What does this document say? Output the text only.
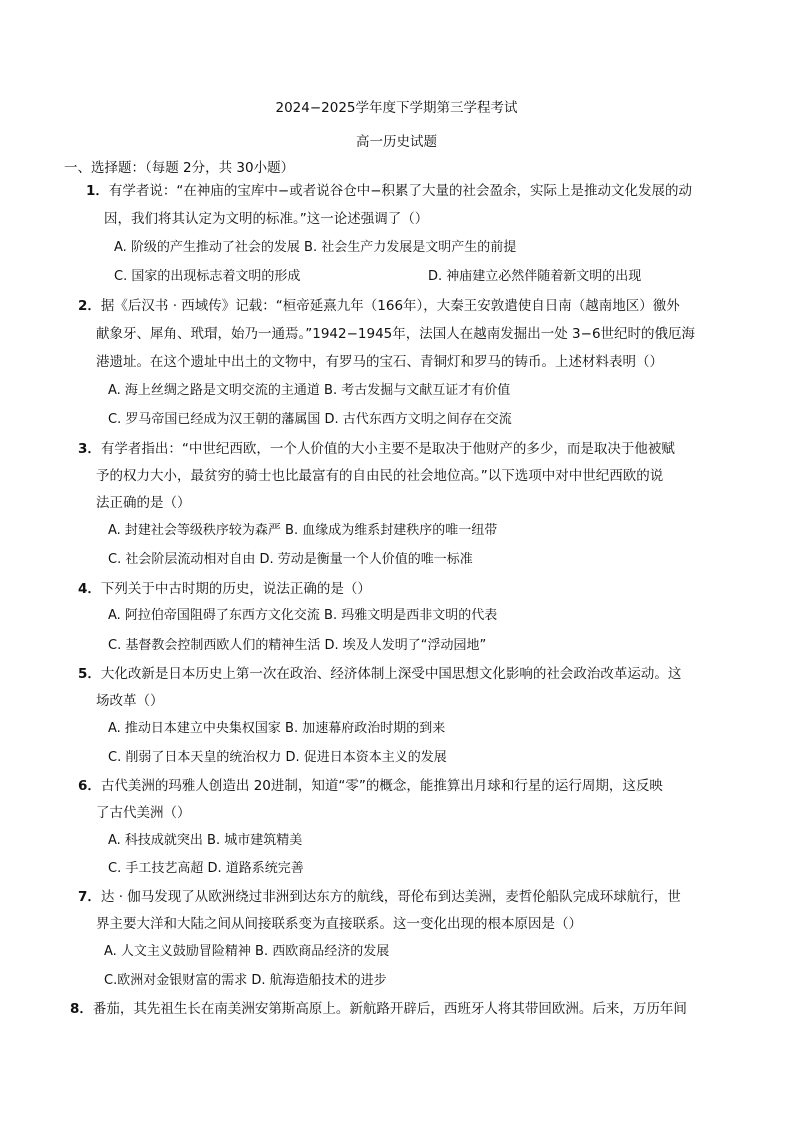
2024−2025学年度下学期第三学程考试
高一历史试题
一、选择题：（每题 2分，共 30小题）
1．有学者说：“在神庙的宝库中−或者说谷仓中−积累了大量的社会盈余，实际上是推动文化发展的动
因，我们将其认定为文明的标准。”这一论述强调了（）
A. 阶级的产生推动了社会的发展 B. 社会生产力发展是文明产生的前提
C. 国家的出现标志着文明的形成	D. 神庙建立必然伴随着新文明的出现
2．据《后汉书 · 西域传》记载：“桓帝延熹九年（166年），大秦王安敦遣使自日南（越南地区）徼外
献象牙、犀角、玳瑁，始乃一通焉。”1942−1945年，法国人在越南发掘出一处 3−6世纪时的俄厄海
港遗址。在这个遗址中出土的文物中，有罗马的宝石、青铜灯和罗马的铸币。上述材料表明（）
A. 海上丝绸之路是文明交流的主通道 B. 考古发掘与文献互证才有价值
C. 罗马帝国已经成为汉王朝的藩属国 D. 古代东西方文明之间存在交流
3．有学者指出：“中世纪西欧，一个人价值的大小主要不是取决于他财产的多少，而是取决于他被赋
予的权力大小，最贫穷的骑士也比最富有的自由民的社会地位高。”以下选项中对中世纪西欧的说
法正确的是（）
A. 封建社会等级秩序较为森严 B. 血缘成为维系封建秩序的唯一纽带
C. 社会阶层流动相对自由 D. 劳动是衡量一个人价值的唯一标准
4．下列关于中古时期的历史，说法正确的是（）
A. 阿拉伯帝国阻碍了东西方文化交流 B. 玛雅文明是西非文明的代表
C. 基督教会控制西欧人们的精神生活 D. 埃及人发明了“浮动园地”
5．大化改新是日本历史上第一次在政治、经济体制上深受中国思想文化影响的社会政治改革运动。这
场改革（）
A. 推动日本建立中央集权国家 B. 加速幕府政治时期的到来
C. 削弱了日本天皇的统治权力 D. 促进日本资本主义的发展
6．古代美洲的玛雅人创造出 20进制，知道“零”的概念，能推算出月球和行星的运行周期，这反映
了古代美洲（）
A. 科技成就突出 B. 城市建筑精美
C. 手工技艺高超 D. 道路系统完善
7．达 · 伽马发现了从欧洲绕过非洲到达东方的航线，哥伦布到达美洲，麦哲伦船队完成环球航行，世
界主要大洋和大陆之间从间接联系变为直接联系。这一变化出现的根本原因是（）
A. 人文主义鼓励冒险精神 B. 西欧商品经济的发展
C.欧洲对金银财富的需求 D. 航海造船技术的进步
8．番茄，其先祖生长在南美洲安第斯高原上。新航路开辟后，西班牙人将其带回欧洲。后来，万历年间
